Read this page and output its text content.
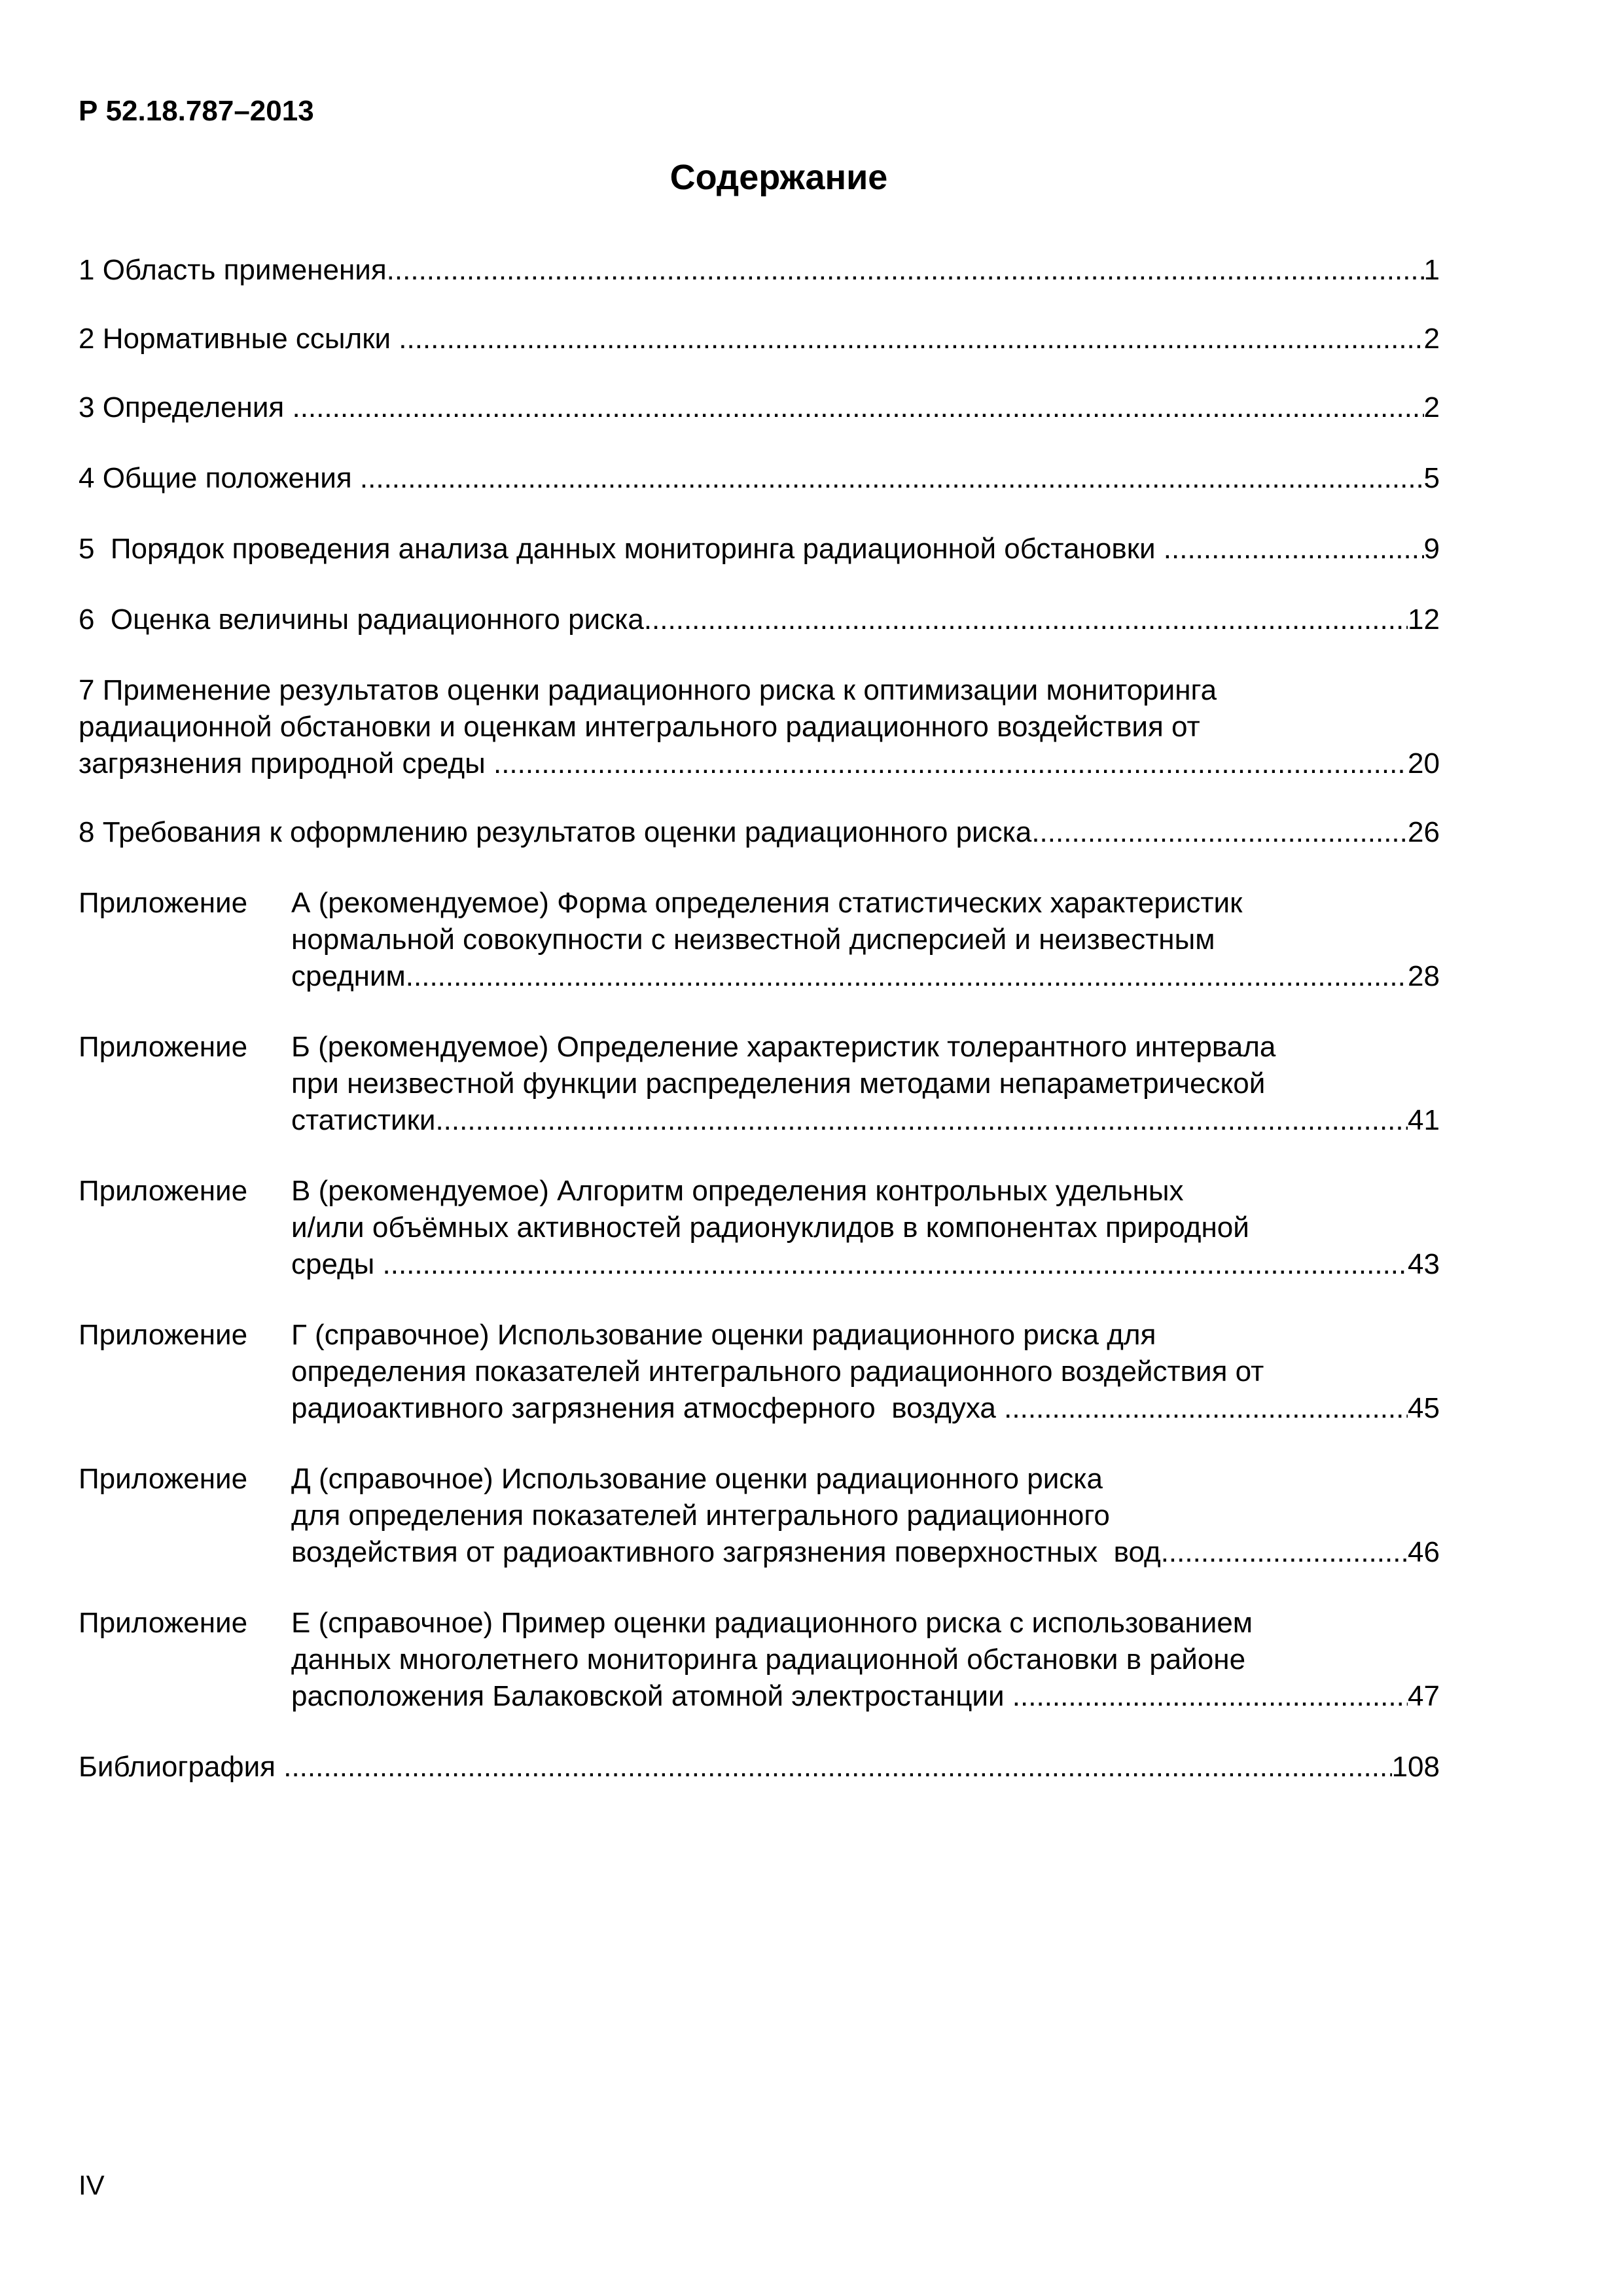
Р 52.18.787–2013
Содержание
1 Область применения .....	1
2 Нормативные ссылки .....	2
3 Определения .....	2
4 Общие положения .....	5
5  Порядок проведения анализа данных мониторинга радиационной обстановки .....	9
6  Оценка величины радиационного риска .....	12
7 Применение результатов оценки радиационного риска к оптимизации мониторинга
радиационной обстановки и оценкам интегрального радиационного воздействия от
загрязнения природной среды .....	20
8 Требования к оформлению результатов оценки радиационного риска .....	26
Приложение	А (рекомендуемое) Форма определения статистических характеристик
нормальной совокупности с неизвестной дисперсией и неизвестным
средним .....	28
Приложение	Б (рекомендуемое) Определение характеристик толерантного интервала
при неизвестной функции распределения методами непараметрической
статистики .....	41
Приложение	В (рекомендуемое) Алгоритм определения контрольных удельных
и/или объёмных активностей радионуклидов в компонентах природной
среды .....	43
Приложение	Г (справочное) Использование оценки радиационного риска для
определения показателей интегрального радиационного воздействия от
радиоактивного загрязнения атмосферного  воздуха .....	45
Приложение	Д (справочное) Использование оценки радиационного риска
для определения показателей интегрального радиационного
воздействия от радиоактивного загрязнения поверхностных  вод .....	46
Приложение	Е (справочное) Пример оценки радиационного риска с использованием
данных многолетнего мониторинга радиационной обстановки в районе
расположения Балаковской атомной электростанции .....	47
Библиография .....	108
IV
